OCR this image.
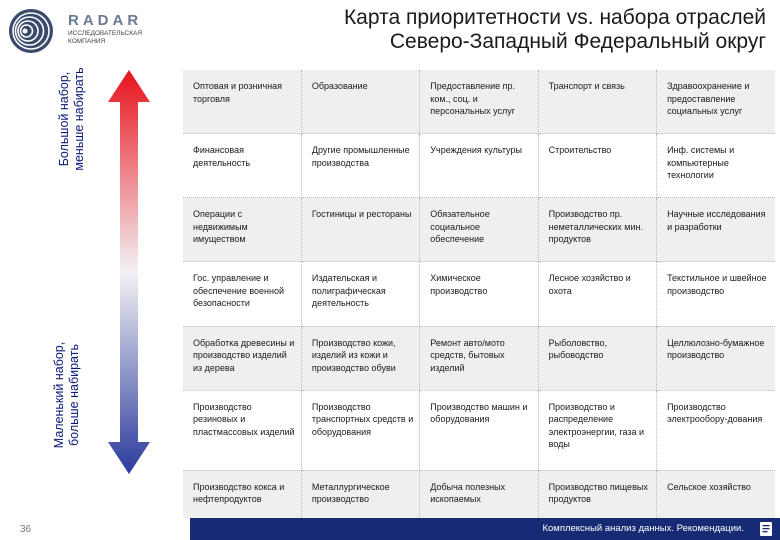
RADAR
ИССЛЕДОВАТЕЛЬСКАЯ КОМПАНИЯ
Карта приоритетности vs. набора отраслей
Северо-Западный Федеральный округ
Большой набор, меньше набирать
Маленький набор, больше набирать
Оптовая и розничная торговля	Образование	Предоставление пр. ком., соц. и персональных услуг	Транспорт и связь	Здравоохранение и предоставление социальных услуг
Финансовая деятельность	Другие промышленные производства	Учреждения культуры	Строительство	Инф. системы и компьютерные технологии
Операции с недвижимым имуществом	Гостиницы и рестораны	Обязательное социальное обеспечение	Производство пр. неметаллических мин. продуктов	Научные исследования и разработки
Гос. управление и обеспечение военной безопасности	Издательская и полиграфическая деятельность	Химическое производство	Лесное хозяйство и охота	Текстильное и швейное производство
Обработка древесины и производство изделий из дерева	Производство кожи, изделий из кожи и производство обуви	Ремонт авто/мото средств, бытовых изделий	Рыболовство, рыбоводство	Целлюлозно-бумажное производство
Производство резиновых и пластмассовых изделий	Производство транспортных средств и оборудования	Производство машин и оборудования	Производство и распределение электроэнергии, газа и воды	Производство электрообору-дования
Производство кокса и нефтепродуктов	Металлургическое производство	Добыча полезных ископаемых	Производство пищевых продуктов	Сельское хозяйство
36	Комплексный анализ данных. Рекомендации.
